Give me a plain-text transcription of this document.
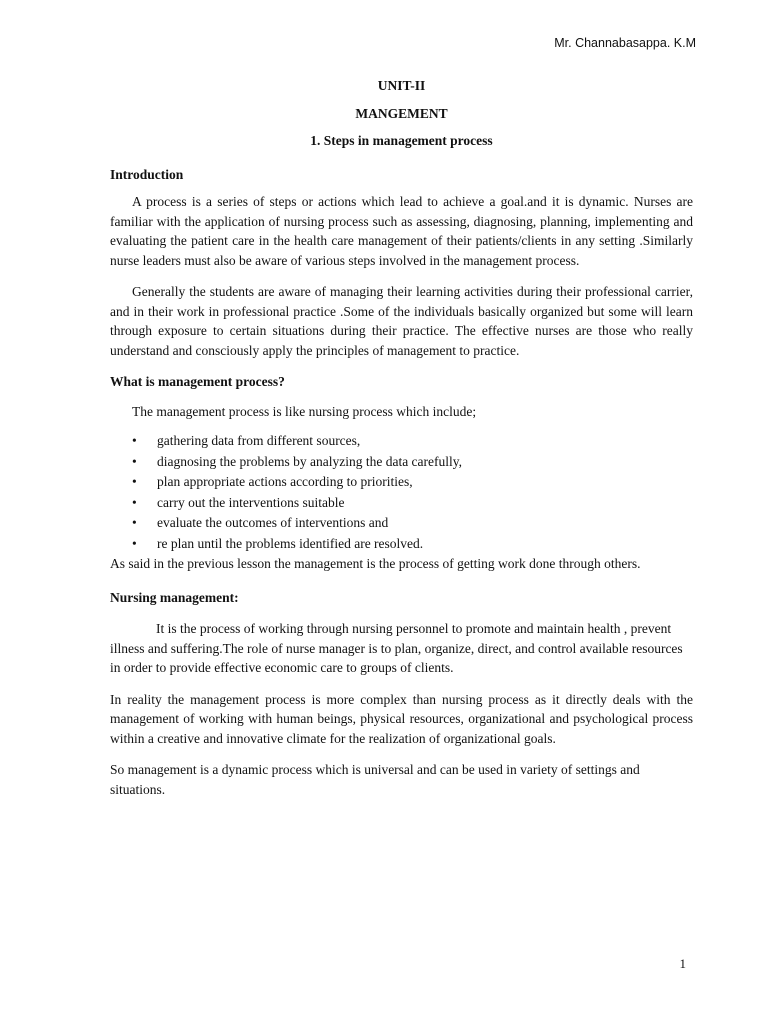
Mr. Channabasappa. K.M
UNIT-II
MANGEMENT
1. Steps in management process
Introduction

A process is a series of steps or actions which lead to achieve a goal.and it is dynamic. Nurses are familiar with the application of nursing process such as assessing, diagnosing, planning, implementing and evaluating the patient care in the health care management of their patients/clients in any setting .Similarly nurse leaders must also be aware of various steps involved in the management process.

Generally the students are aware of managing their learning activities during their professional carrier, and in their work in professional practice .Some of the individuals basically organized but some will learn through exposure to certain situations during their practice. The effective nurses are those who really understand and consciously apply the principles of management to practice.

What is management process?

The management process is like nursing process which include;

• gathering data from different sources,
• diagnosing the problems by analyzing the data carefully,
• plan appropriate actions according to priorities,
• carry out the interventions suitable
• evaluate the outcomes of interventions and
• re plan until the problems identified are resolved.

As said in the previous lesson the management is the process of getting work done through others.

Nursing management:

It is the process of working through nursing personnel to promote and maintain health , prevent illness and suffering.The role of nurse manager is to plan, organize, direct, and control available resources in order to provide effective economic care to groups of clients.

In reality the management process is more complex than nursing process as it directly deals with the management of working with human beings, physical resources, organizational and psychological process within a creative and innovative climate for the realization of organizational goals.

So management is a dynamic process which is universal and can be used in variety of settings and situations.

1
